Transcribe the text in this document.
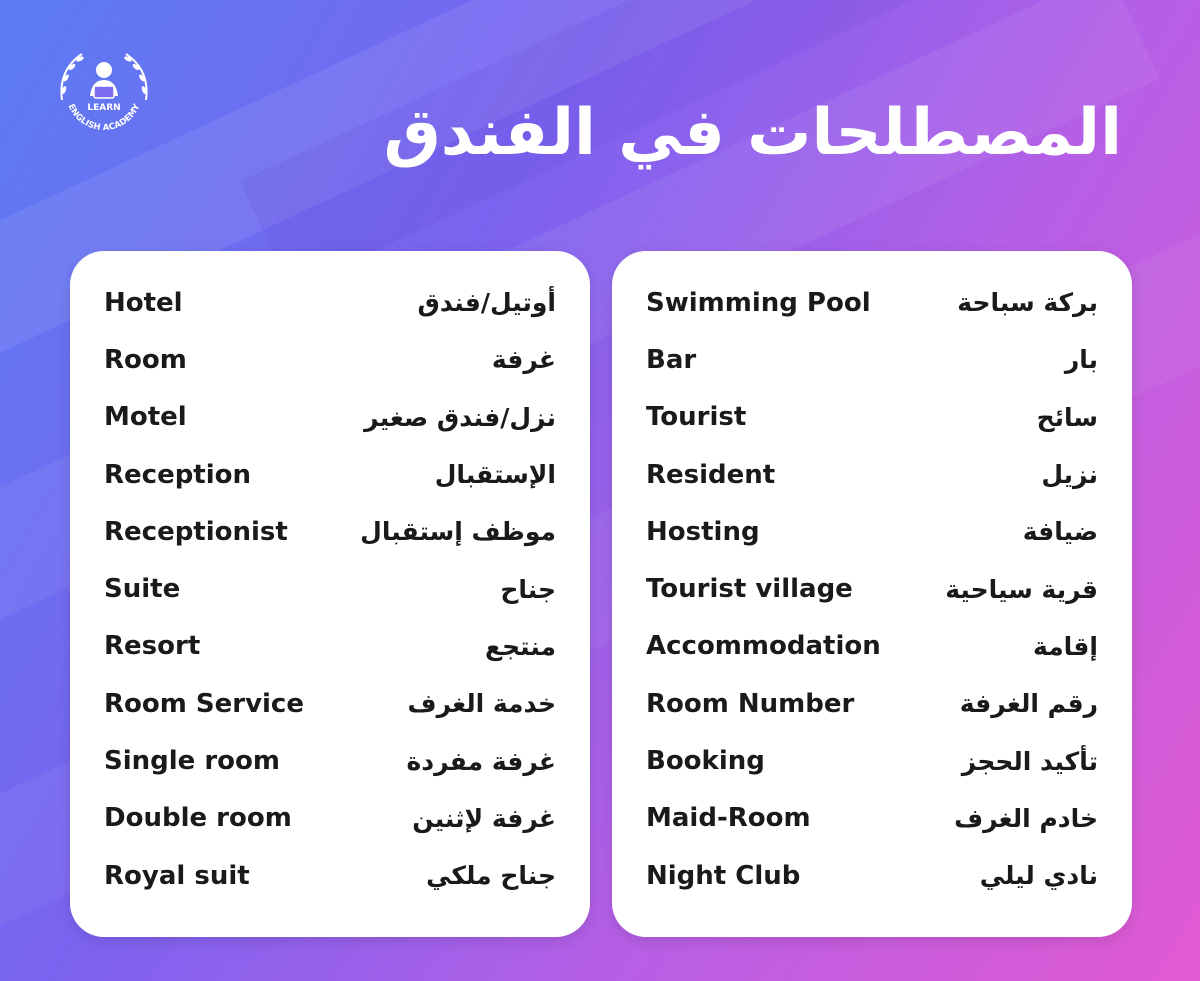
LEARN
ENGLISH ACADEMY	المصطلحات في الفندق
Hotel	أوتيل/فندق
Room	غرفة
Motel	نزل/فندق صغير
Reception	الإستقبال
Receptionist	موظف إستقبال
Suite	جناح
Resort	منتجع
Room Service	خدمة الغرف
Single room	غرفة مفردة
Double room	غرفة لإثنين
Royal suit	جناح ملكي
Swimming Pool	بركة سباحة
Bar	بار
Tourist	سائح
Resident	نزيل
Hosting	ضيافة
Tourist village	قرية سياحية
Accommodation	إقامة
Room Number	رقم الغرفة
Booking	تأكيد الحجز
Maid-Room	خادم الغرف
Night Club	نادي ليلي
